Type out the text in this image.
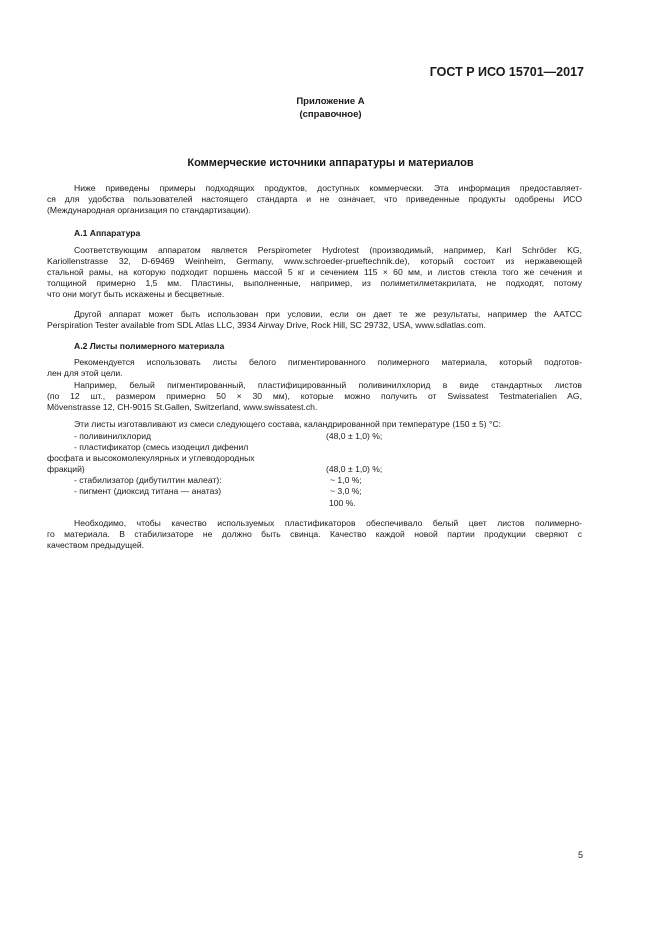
ГОСТ Р ИСО 15701—2017
Приложение А
(справочное)
Коммерческие источники аппаратуры и материалов
Ниже приведены примеры подходящих продуктов, доступных коммерчески. Эта информация предоставляет-
ся для удобства пользователей настоящего стандарта и не означает, что приведенные продукты одобрены ИСО
(Международная организация по стандартизации).
А.1 Аппаратура
Соответствующим аппаратом является Perspirometer Hydrotest (производимый, например, Karl Schröder KG,
Kariollenstrasse 32, D-69469 Weinheim, Germany, www.schroeder-prueftechnik.de), который состоит из нержавеющей
стальной рамы, на которую подходит поршень массой 5 кг и сечением 115 × 60 мм, и листов стекла того же сечения и
толщиной примерно 1,5 мм. Пластины, выполненные, например, из полиметилметакрилата, не подходят, потому
что они могут быть искажены и бесцветные.
Другой аппарат может быть использован при условии, если он дает те же результаты, например the AATCC
Perspiration Tester available from SDL Atlas LLC, 3934 Airway Drive, Rock Hill, SC 29732, USA, www.sdlatlas.com.
А.2 Листы полимерного материала
Рекомендуется использовать листы белого пигментированного полимерного материала, который подготов-
лен для этой цели.
Например, белый пигментированный, пластифицированный поливинилхлорид в виде стандартных листов
(по 12 шт., размером примерно 50 × 30 мм), которые можно получить от Swissatest Testmaterialien AG,
Mövenstrasse 12, CH-9015 St.Gallen, Switzerland, www.swissatest.ch.
Эти листы изготавливают из смеси следующего состава, каландрированной при температуре (150 ± 5) °С:
- поливинилхлорид	(48,0 ± 1,0) %;
- пластификатор (смесь изодецил дифенил
фосфата и высокомолекулярных и углеводородных
фракций)	(48,0 ± 1,0) %;
- стабилизатор (дибутилтин малеат):	~ 1,0 %;
- пигмент (диоксид титана — анатаз)	~ 3,0 %;
100 %.
Необходимо, чтобы качество используемых пластификаторов обеспечивало белый цвет листов полимерно-
го материала. В стабилизаторе не должно быть свинца. Качество каждой новой партии продукции сверяют с
качеством предыдущей.
5
